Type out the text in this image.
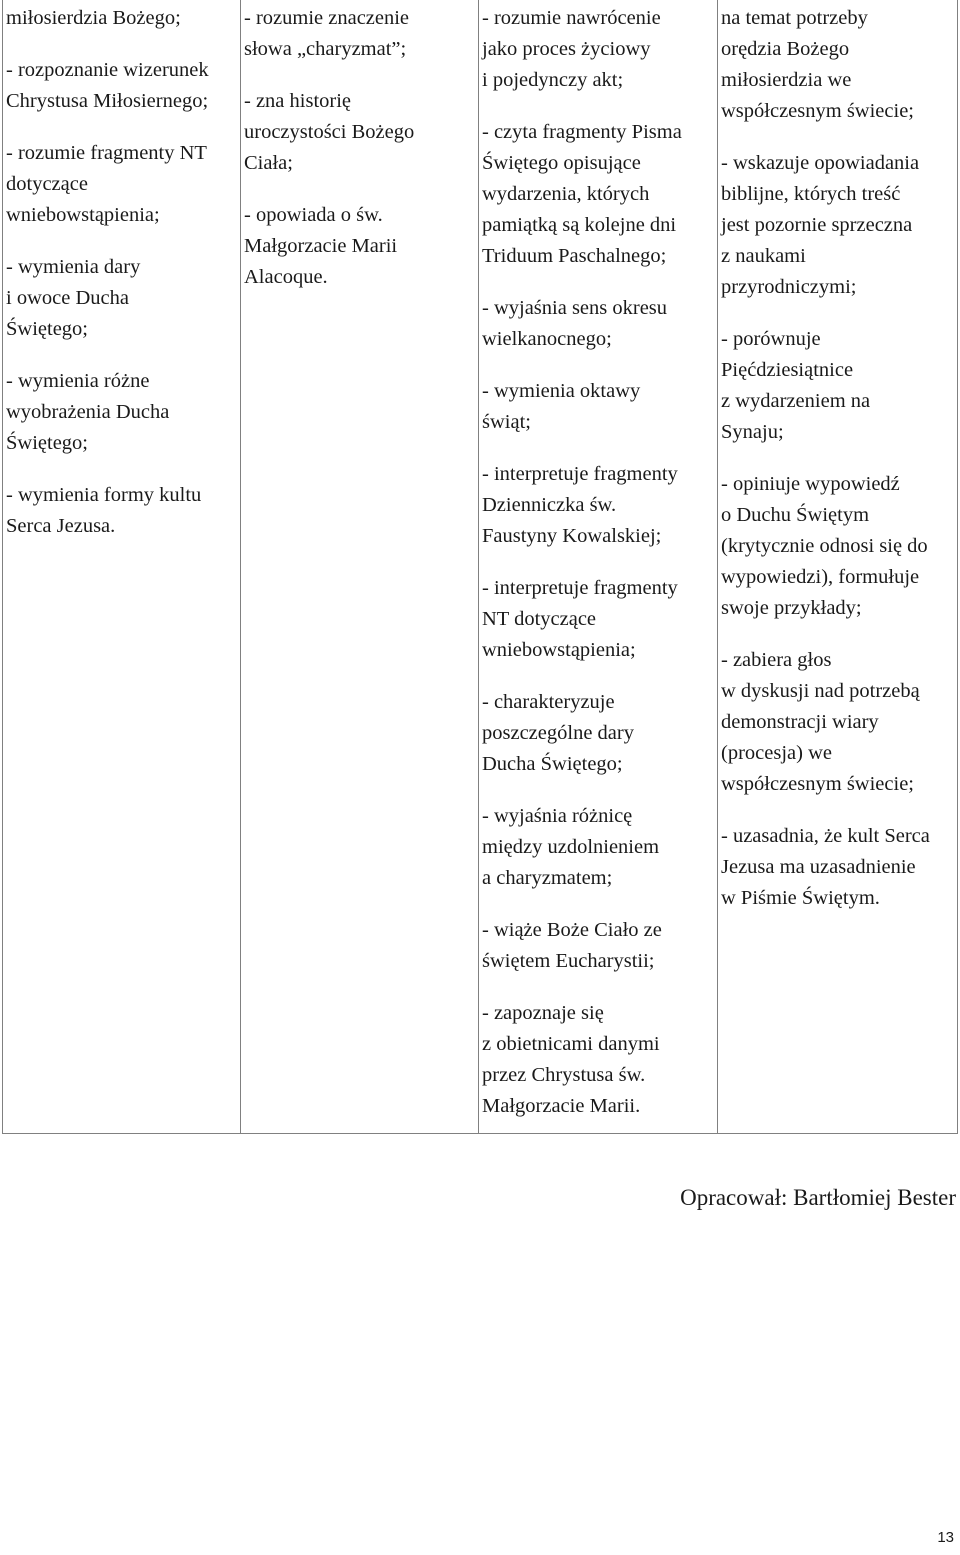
miłosierdzia Bożego;

- rozpoznanie wizerunek
Chrystusa Miłosiernego;

- rozumie fragmenty NT
dotyczące
wniebowstąpienia;

- wymienia dary
i owoce Ducha
Świętego;

- wymienia różne
wyobrażenia Ducha
Świętego;

- wymienia formy kultu
Serca Jezusa.

- rozumie znaczenie
słowa „charyzmat”;

- zna historię
uroczystości Bożego
Ciała;

- opowiada o św.
Małgorzacie Marii
Alacoque.

- rozumie nawrócenie
jako proces życiowy
i pojedynczy akt;

- czyta fragmenty Pisma
Świętego opisujące
wydarzenia, których
pamiątką są kolejne dni
Triduum Paschalnego;

- wyjaśnia sens okresu
wielkanocnego;

- wymienia oktawy
świąt;

- interpretuje fragmenty
Dzienniczka św.
Faustyny Kowalskiej;

- interpretuje fragmenty
NT dotyczące
wniebowstąpienia;

- charakteryzuje
poszczególne dary
Ducha Świętego;

- wyjaśnia różnicę
między uzdolnieniem
a charyzmatem;

- wiąże Boże Ciało ze
świętem Eucharystii;

- zapoznaje się
z obietnicami danymi
przez Chrystusa św.
Małgorzacie Marii.

na temat potrzeby
orędzia Bożego
miłosierdzia we
współczesnym świecie;

- wskazuje opowiadania
biblijne, których treść
jest pozornie sprzeczna
z naukami
przyrodniczymi;

- porównuje
Pięćdziesiątnice
z wydarzeniem na
Synaju;

- opiniuje wypowiedź
o Duchu Świętym
(krytycznie odnosi się do
wypowiedzi), formułuje
swoje przykłady;

- zabiera głos
w dyskusji nad potrzebą
demonstracji wiary
(procesja) we
współczesnym świecie;

- uzasadnia, że kult Serca
Jezusa ma uzasadnienie
w Piśmie Świętym.

Opracował: Bartłomiej Bester
13
